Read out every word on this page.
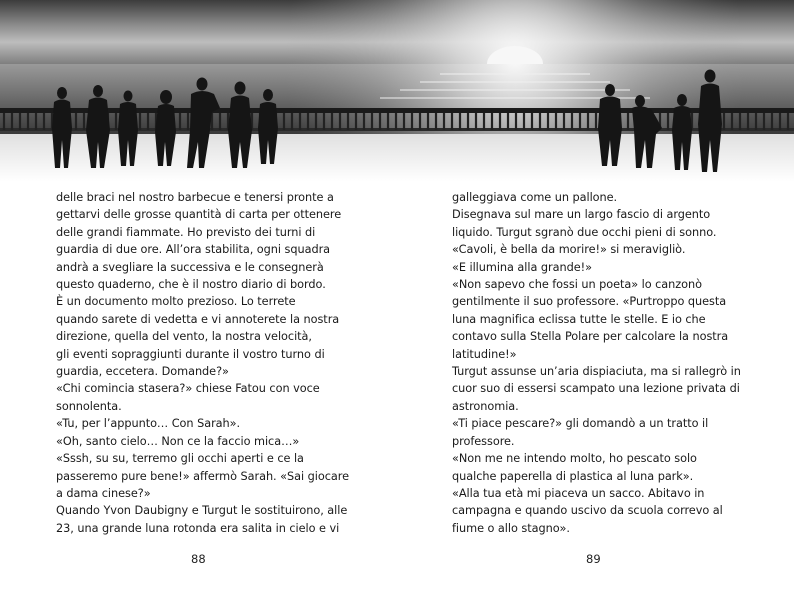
delle braci nel nostro barbecue e tenersi pronte a
gettarvi delle grosse quantità di carta per ottenere
delle grandi fiammate. Ho previsto dei turni di
guardia di due ore. All’ora stabilita, ogni squadra
andrà a svegliare la successiva e le consegnerà
questo quaderno, che è il nostro diario di bordo.
È un documento molto prezioso. Lo terrete
quando sarete di vedetta e vi annoterete la nostra
direzione, quella del vento, la nostra velocità,
gli eventi sopraggiunti durante il vostro turno di
guardia, eccetera. Domande?»
«Chi comincia stasera?» chiese Fatou con voce
sonnolenta.
«Tu, per l’appunto… Con Sarah».
«Oh, santo cielo… Non ce la faccio mica…»
«Sssh, su su, terremo gli occhi aperti e ce la
passeremo pure bene!» affermò Sarah. «Sai giocare
a dama cinese?»
Quando Yvon Daubigny e Turgut le sostituirono, alle
23, una grande luna rotonda era salita in cielo e vi
galleggiava come un pallone.
Disegnava sul mare un largo fascio di argento
liquido. Turgut sgranò due occhi pieni di sonno.
«Cavoli, è bella da morire!» si meravigliò.
«E illumina alla grande!»
«Non sapevo che fossi un poeta» lo canzonò
gentilmente il suo professore. «Purtroppo questa
luna magnifica eclissa tutte le stelle. E io che
contavo sulla Stella Polare per calcolare la nostra
latitudine!»
Turgut assunse un’aria dispiaciuta, ma si rallegrò in
cuor suo di essersi scampato una lezione privata di
astronomia.
«Ti piace pescare?» gli domandò a un tratto il
professore.
«Non me ne intendo molto, ho pescato solo
qualche paperella di plastica al luna park».
«Alla tua età mi piaceva un sacco. Abitavo in
campagna e quando uscivo da scuola correvo al
fiume o allo stagno».
88	89
